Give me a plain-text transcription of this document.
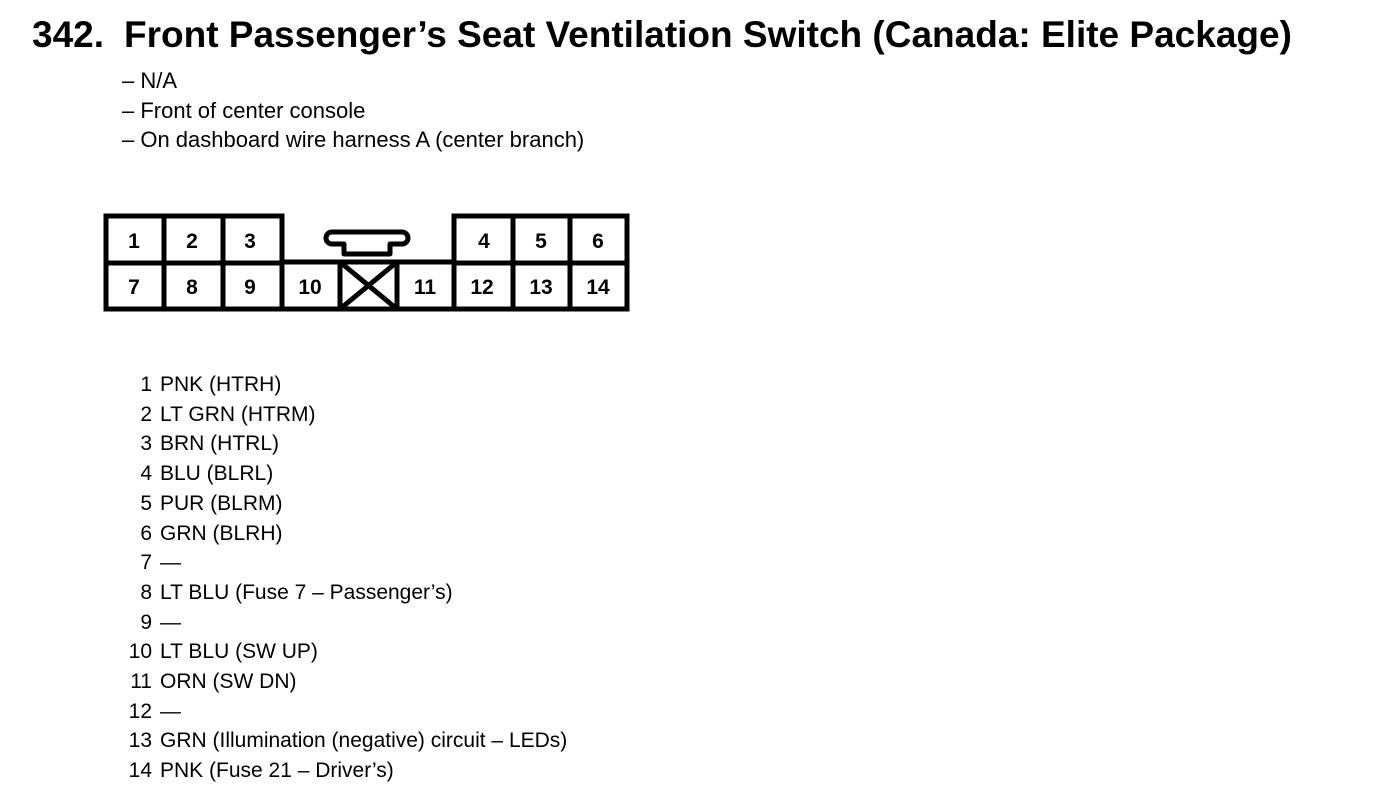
342. Front Passenger’s Seat Ventilation Switch (Canada: Elite Package)
– N/A
– Front of center console
– On dashboard wire harness A (center branch)
1 2 3	4 5 6
7 8 9 10	11 12 13 14
1 PNK (HTRH)
2 LT GRN (HTRM)
3 BRN (HTRL)
4 BLU (BLRL)
5 PUR (BLRM)
6 GRN (BLRH)
7 —
8 LT BLU (Fuse 7 – Passenger’s)
9 —
10 LT BLU (SW UP)
11 ORN (SW DN)
12 —
13 GRN (Illumination (negative) circuit – LEDs)
14 PNK (Fuse 21 – Driver’s)
